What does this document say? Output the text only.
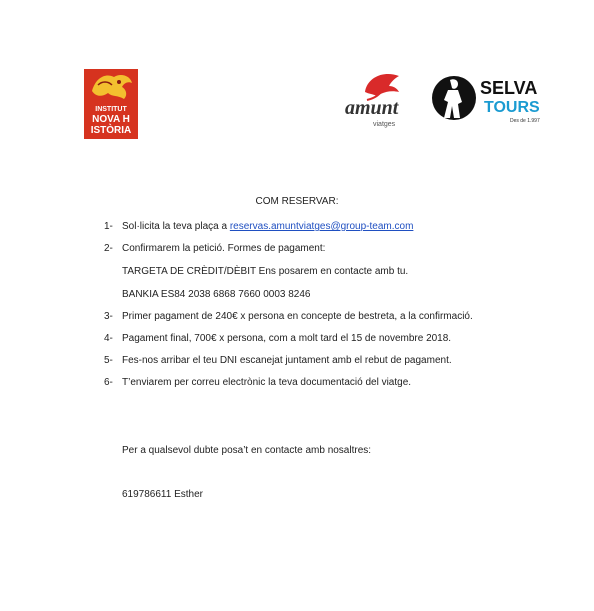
INSTITUT
NOVA H
ISTÒRIA
amunt
viatges
SELVA
TOURS
Des de 1.997
COM RESERVAR:
1- Sol·licita la teva plaça a reservas.amuntviatges@group-team.com
2- Confirmarem la petició. Formes de pagament:
TARGETA DE CRÈDIT/DÈBIT Ens posarem en contacte amb tu.
BANKIA ES84 2038 6868 7660 0003 8246
3- Primer pagament de 240€ x persona en concepte de bestreta, a la confirmació.
4- Pagament final, 700€ x persona, com a molt tard el 15 de novembre 2018.
5- Fes-nos arribar el teu DNI escanejat juntament amb el rebut de pagament.
6- T’enviarem per correu electrònic la teva documentació del viatge.
Per a qualsevol dubte posa’t en contacte amb nosaltres:
619786611 Esther
